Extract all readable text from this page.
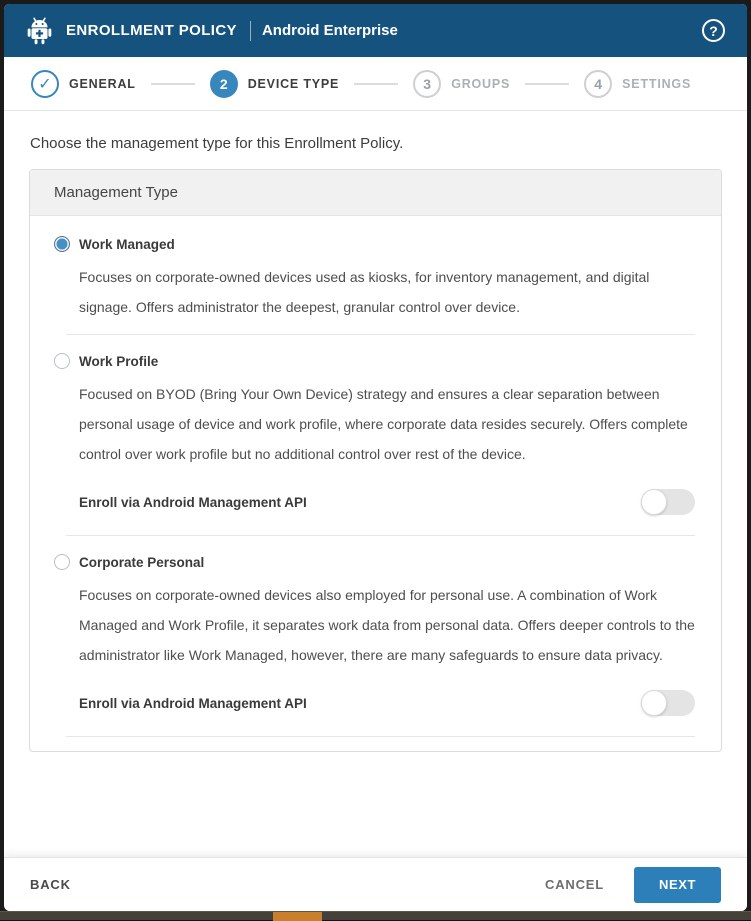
ENROLLMENT POLICY Android Enterprise	?
✓	GENERAL	2	DEVICE TYPE	3	GROUPS	4	SETTINGS

Choose the management type for this Enrollment Policy.

Management Type
Work Managed

Focuses on corporate-owned devices used as kiosks, for inventory management, and digital signage. Offers administrator the deepest, granular control over device.

Work Profile

Focused on BYOD (Bring Your Own Device) strategy and ensures a clear separation between personal usage of device and work profile, where corporate data resides securely. Offers complete control over work profile but no additional control over rest of the device.

Enroll via Android Management API
Corporate Personal

Focuses on corporate-owned devices also employed for personal use. A combination of Work Managed and Work Profile, it separates work data from personal data. Offers deeper controls to the administrator like Work Managed, however, there are many safeguards to ensure data privacy.

Enroll via Android Management API
BACK	CANCEL	NEXT
